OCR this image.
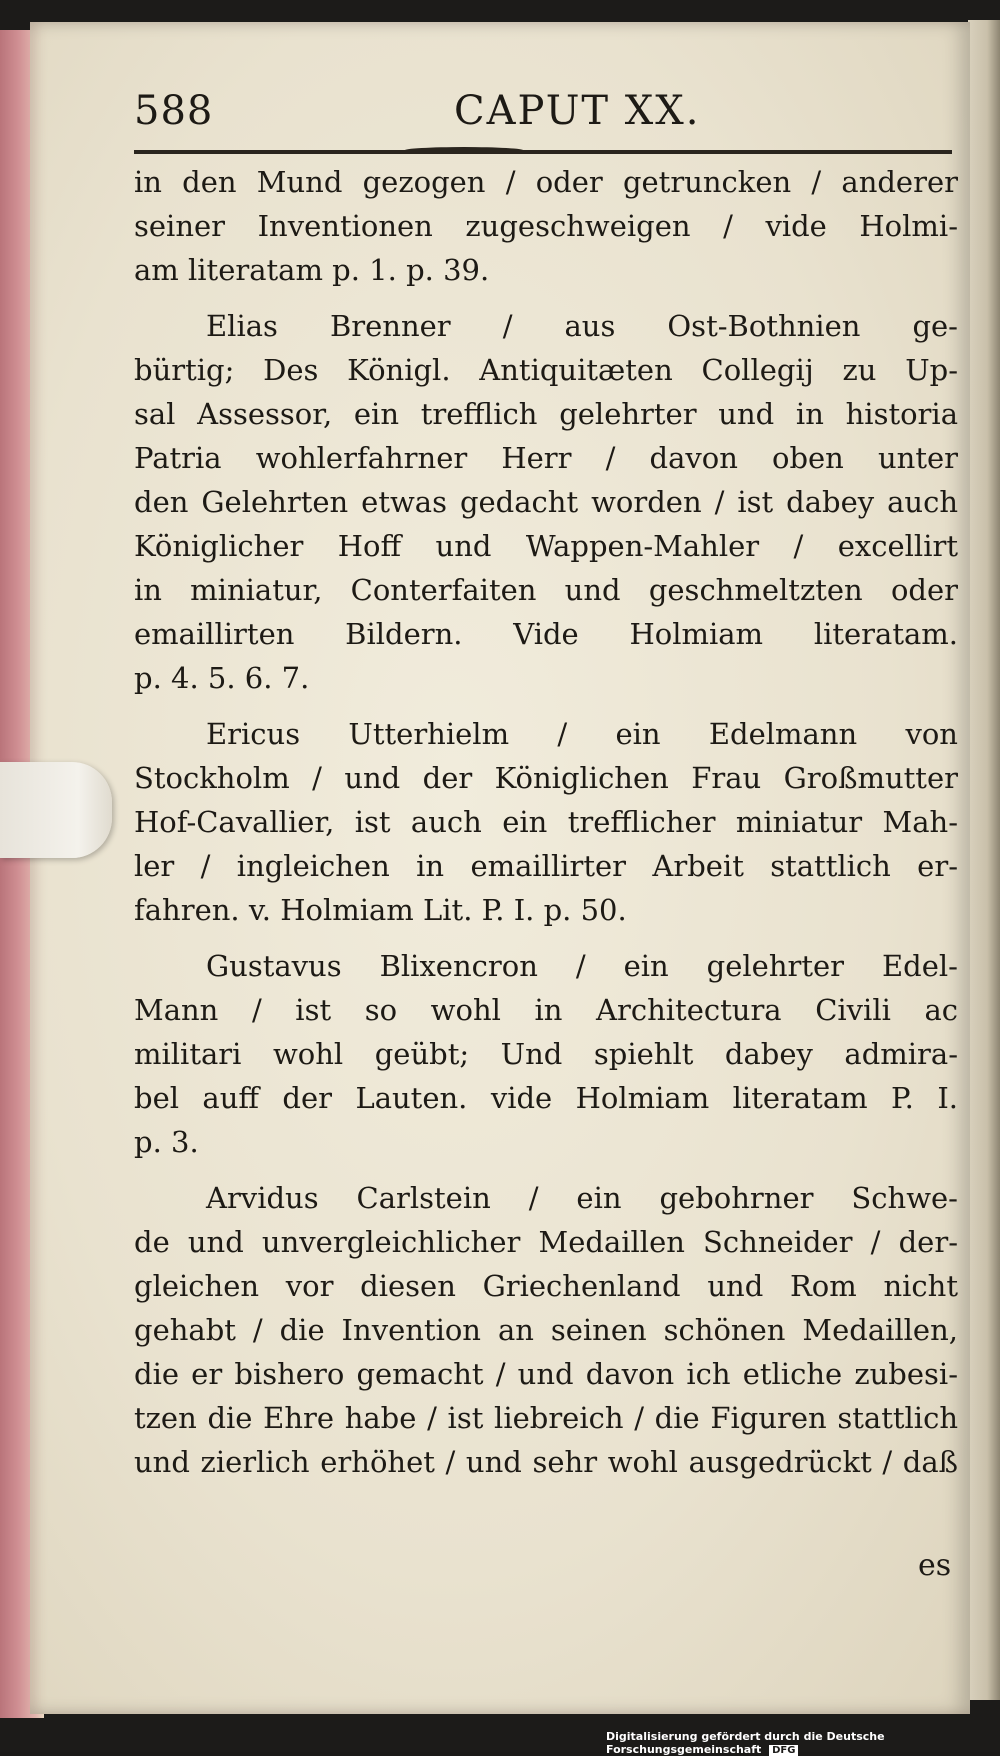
588	CAPUT XX.
in den Mund gezogen / oder getruncken / anderer
seiner Inventionen zugeschweigen / vide Holmi-
am literatam p. 1. p. 39.
Elias Brenner / aus Ost-Bothnien ge-
bürtig; Des Königl. Antiquitæten Collegij zu Up-
sal Assessor, ein trefflich gelehrter und in historia
Patria wohlerfahrner Herr / davon oben unter
den Gelehrten etwas gedacht worden / ist dabey auch
Königlicher Hoff und Wappen-Mahler / excellirt
in miniatur, Conterfaiten und geschmeltzten oder
emaillirten Bildern. Vide Holmiam literatam.
p. 4. 5. 6. 7.
Ericus Utterhielm / ein Edelmann von
Stockholm / und der Königlichen Frau Großmutter
Hof-Cavallier, ist auch ein trefflicher miniatur Mah-
ler / ingleichen in emaillirter Arbeit stattlich er-
fahren. v. Holmiam Lit. P. I. p. 50.
Gustavus Blixencron / ein gelehrter Edel-
Mann / ist so wohl in Architectura Civili ac
militari wohl geübt; Und spiehlt dabey admira-
bel auff der Lauten. vide Holmiam literatam P. I.
p. 3.
Arvidus Carlstein / ein gebohrner Schwe-
de und unvergleichlicher Medaillen Schneider / der-
gleichen vor diesen Griechenland und Rom nicht
gehabt / die Invention an seinen schönen Medaillen,
die er bishero gemacht / und davon ich etliche zubesi-
tzen die Ehre habe / ist liebreich / die Figuren stattlich
und zierlich erhöhet / und sehr wohl ausgedrückt / daß
es
Digitalisierung gefördert durch die Deutsche Forschungsgemeinschaft DFG
